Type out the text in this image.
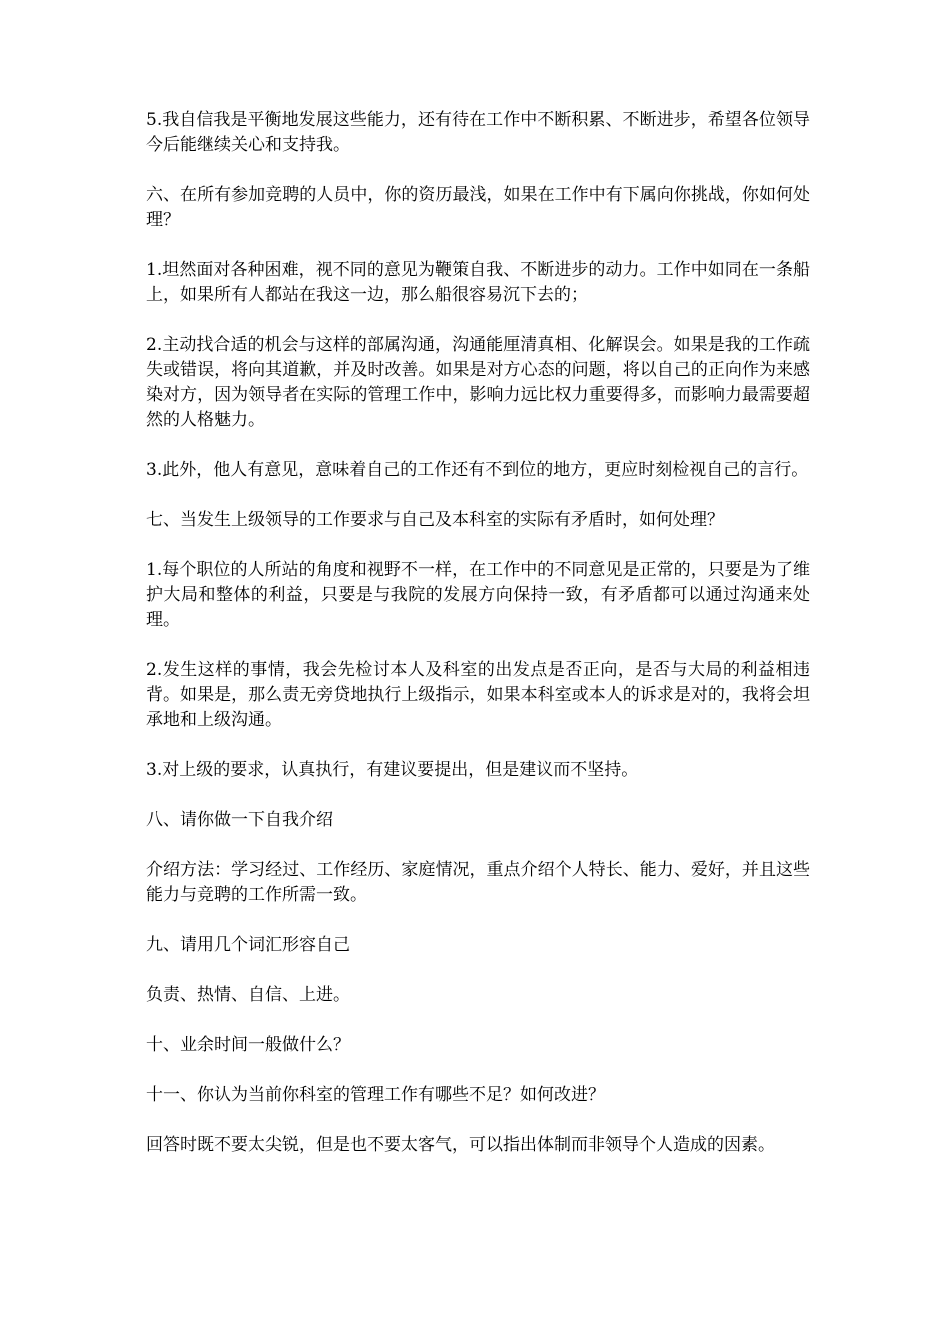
5.我自信我是平衡地发展这些能力，还有待在工作中不断积累、不断进步，希望各位领导今后能继续关心和支持我。

六、在所有参加竞聘的人员中，你的资历最浅，如果在工作中有下属向你挑战，你如何处理？

1.坦然面对各种困难，视不同的意见为鞭策自我、不断进步的动力。工作中如同在一条船上，如果所有人都站在我这一边，那么船很容易沉下去的；

2.主动找合适的机会与这样的部属沟通，沟通能厘清真相、化解误会。如果是我的工作疏失或错误，将向其道歉，并及时改善。如果是对方心态的问题，将以自己的正向作为来感染对方，因为领导者在实际的管理工作中，影响力远比权力重要得多，而影响力最需要超然的人格魅力。

3.此外，他人有意见，意味着自己的工作还有不到位的地方，更应时刻检视自己的言行。

七、当发生上级领导的工作要求与自己及本科室的实际有矛盾时，如何处理？

1.每个职位的人所站的角度和视野不一样，在工作中的不同意见是正常的，只要是为了维护大局和整体的利益，只要是与我院的发展方向保持一致，有矛盾都可以通过沟通来处理。

2.发生这样的事情，我会先检讨本人及科室的出发点是否正向，是否与大局的利益相违背。如果是，那么责无旁贷地执行上级指示，如果本科室或本人的诉求是对的，我将会坦承地和上级沟通。

3.对上级的要求，认真执行，有建议要提出，但是建议而不坚持。

八、请你做一下自我介绍

介绍方法：学习经过、工作经历、家庭情况，重点介绍个人特长、能力、爱好，并且这些能力与竞聘的工作所需一致。

九、请用几个词汇形容自己

负责、热情、自信、上进。

十、业余时间一般做什么？

十一、你认为当前你科室的管理工作有哪些不足？如何改进？

回答时既不要太尖锐，但是也不要太客气，可以指出体制而非领导个人造成的因素。
